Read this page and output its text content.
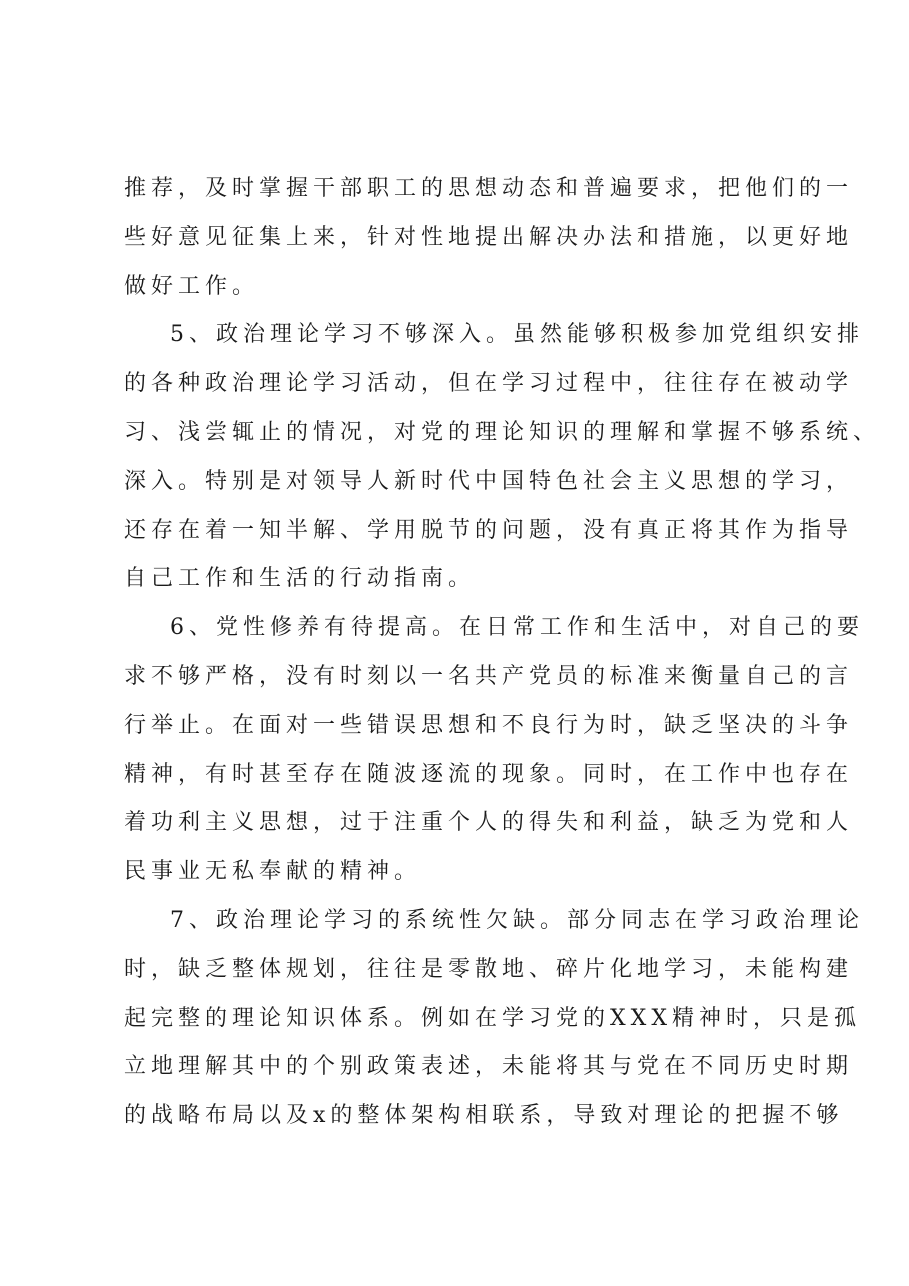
推荐，及时掌握干部职工的思想动态和普遍要求，把他们的一
些好意见征集上来，针对性地提出解决办法和措施，以更好地
做好工作。
5、政治理论学习不够深入。虽然能够积极参加党组织安排
的各种政治理论学习活动，但在学习过程中，往往存在被动学
习、浅尝辄止的情况，对党的理论知识的理解和掌握不够系统、
深入。特别是对领导人新时代中国特色社会主义思想的学习，
还存在着一知半解、学用脱节的问题，没有真正将其作为指导
自己工作和生活的行动指南。
6、党性修养有待提高。在日常工作和生活中，对自己的要
求不够严格，没有时刻以一名共产党员的标准来衡量自己的言
行举止。在面对一些错误思想和不良行为时，缺乏坚决的斗争
精神，有时甚至存在随波逐流的现象。同时，在工作中也存在
着功利主义思想，过于注重个人的得失和利益，缺乏为党和人
民事业无私奉献的精神。
7、政治理论学习的系统性欠缺。部分同志在学习政治理论
时，缺乏整体规划，往往是零散地、碎片化地学习，未能构建
起完整的理论知识体系。例如在学习党的XXX精神时，只是孤
立地理解其中的个别政策表述，未能将其与党在不同历史时期
的战略布局以及x的整体架构相联系，导致对理论的把握不够
